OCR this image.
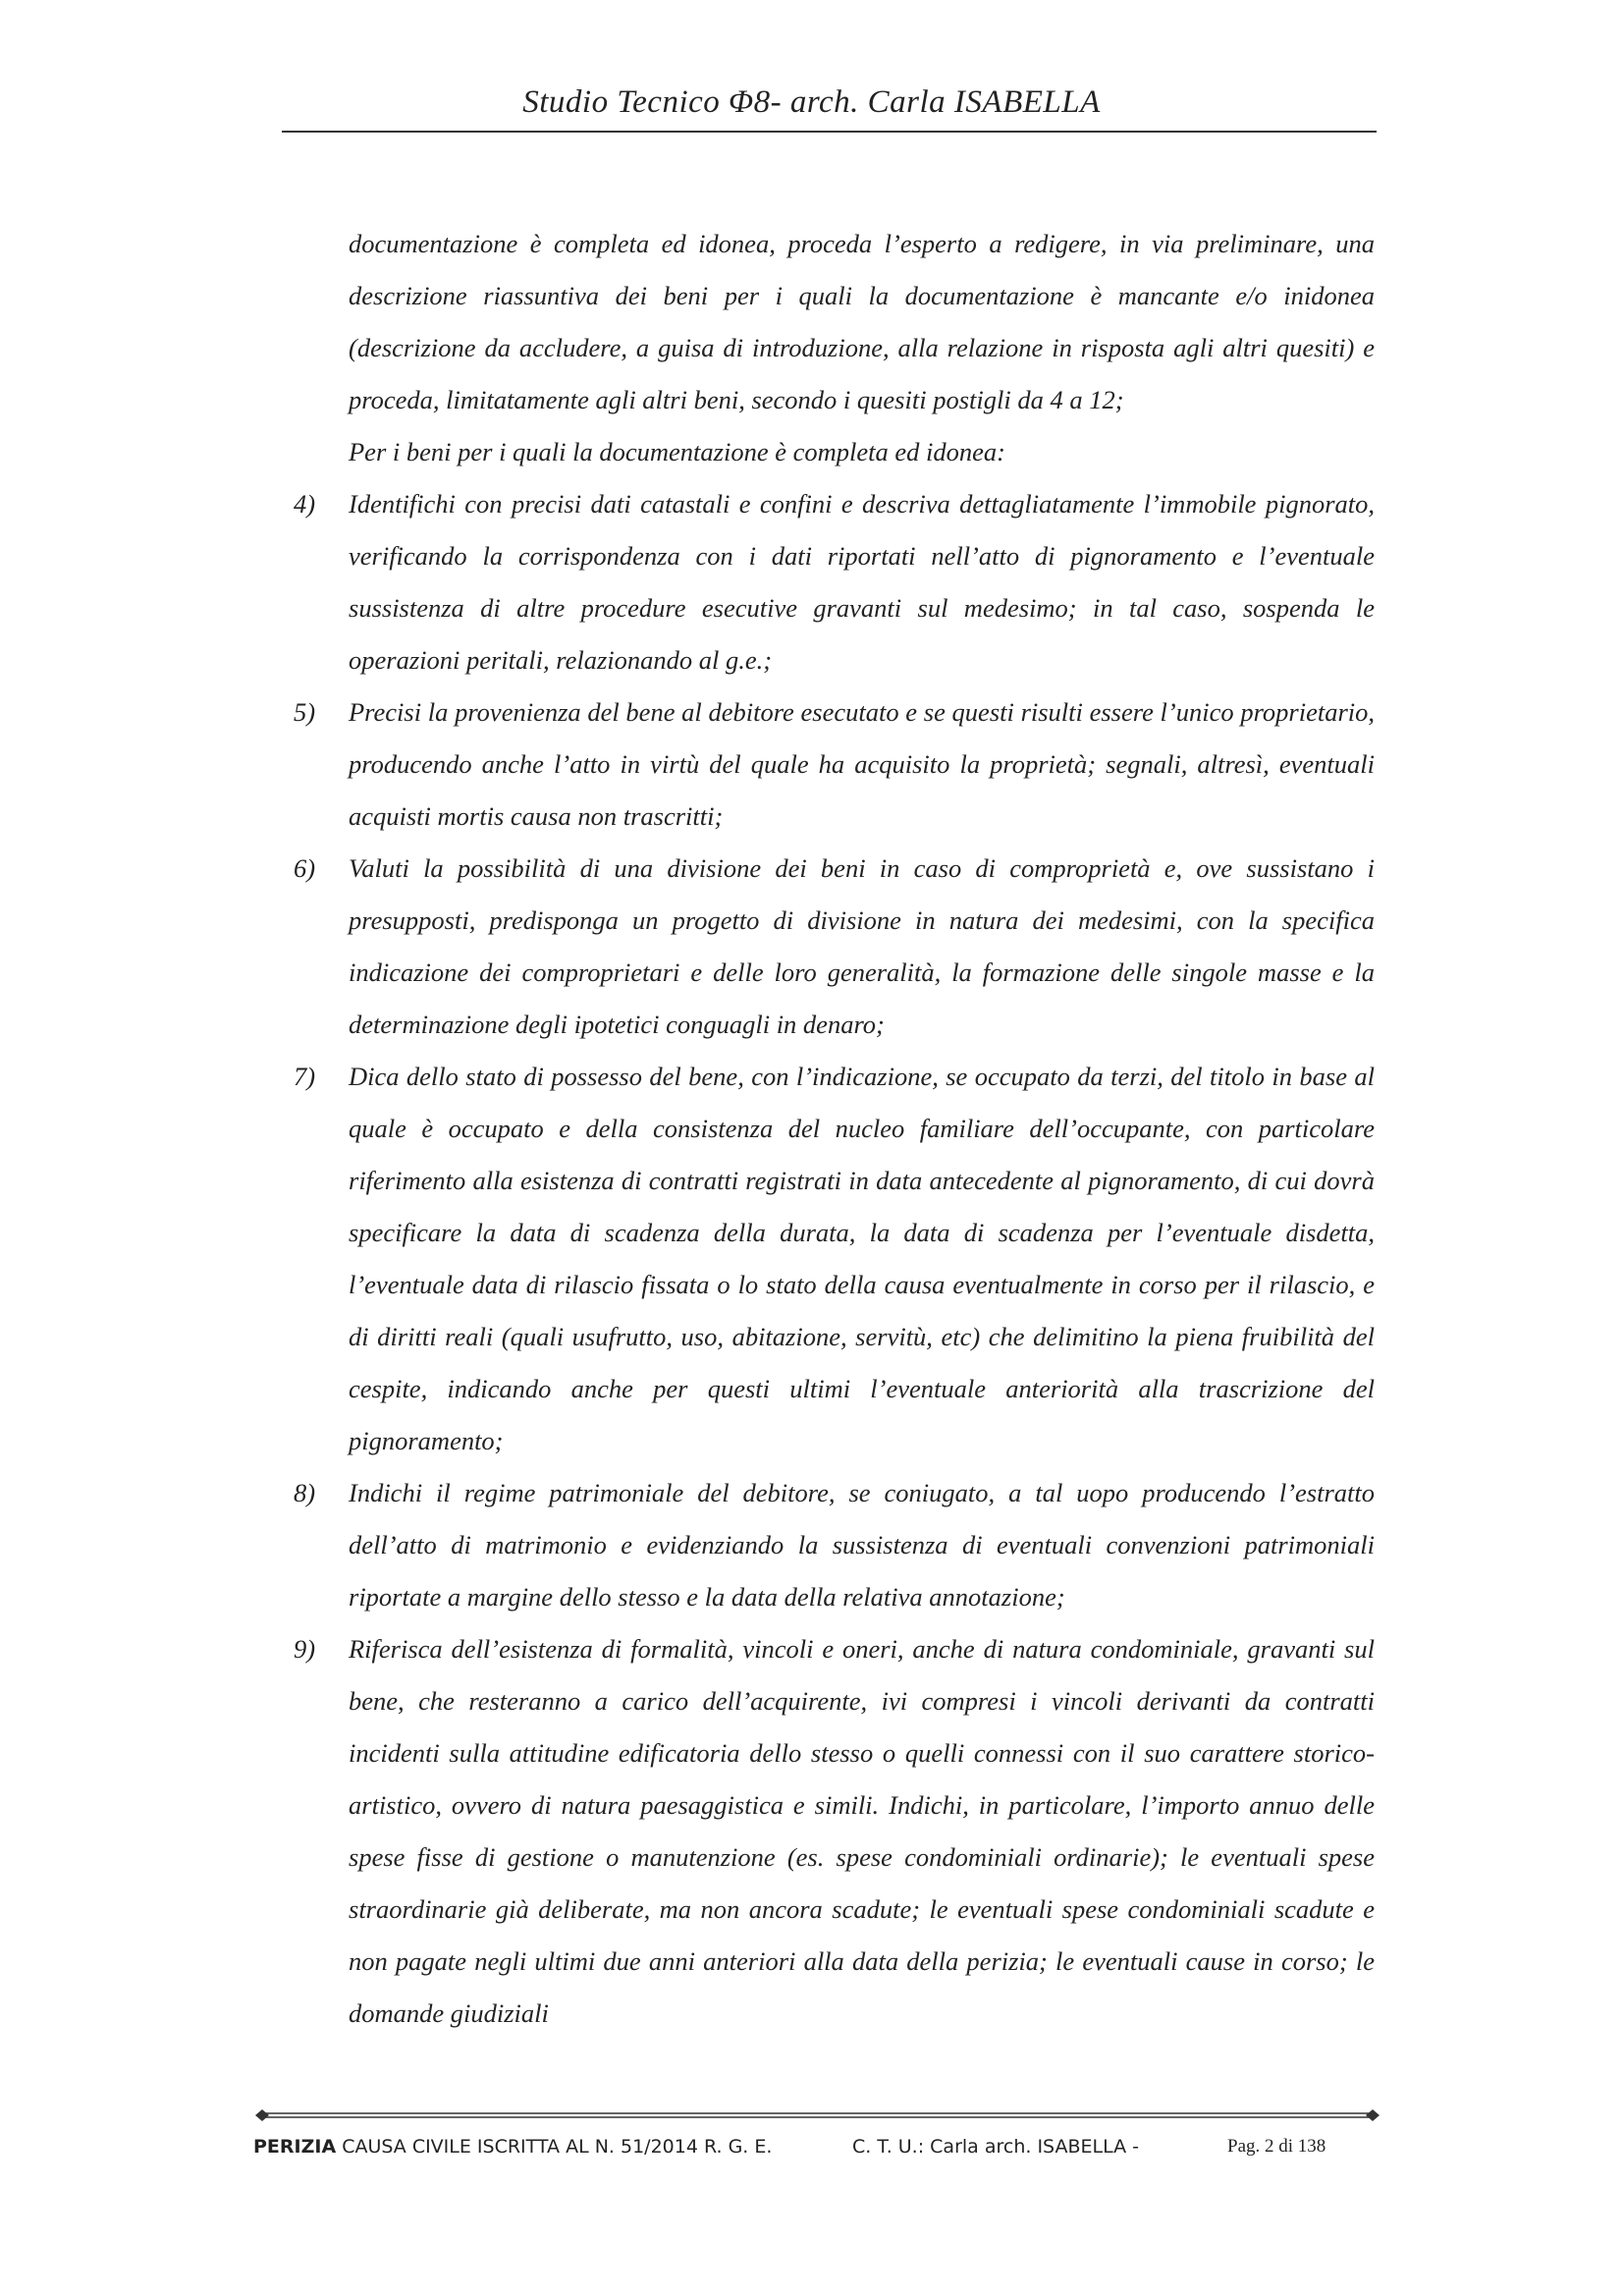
Studio Tecnico Φ8- arch. Carla ISABELLA

documentazione è completa ed idonea, proceda l’esperto a redigere, in via preliminare, una descrizione riassuntiva dei beni per i quali la documentazione è mancante e/o inidonea (descrizione da accludere, a guisa di introduzione, alla relazione in risposta agli altri quesiti) e proceda, limitatamente agli altri beni, secondo i quesiti postigli da 4 a 12;

Per i beni per i quali la documentazione è completa ed idonea:

4) Identifichi con precisi dati catastali e confini e descriva dettagliatamente l’immobile pignorato, verificando la corrispondenza con i dati riportati nell’atto di pignoramento e l’eventuale sussistenza di altre procedure esecutive gravanti sul medesimo; in tal caso, sospenda le operazioni peritali, relazionando al g.e.;

5) Precisi la provenienza del bene al debitore esecutato e se questi risulti essere l’unico proprietario, producendo anche l’atto in virtù del quale ha acquisito la proprietà; segnali, altresì, eventuali acquisti mortis causa non trascritti;

6) Valuti la possibilità di una divisione dei beni in caso di comproprietà e, ove sussistano i presupposti, predisponga un progetto di divisione in natura dei medesimi, con la specifica indicazione dei comproprietari e delle loro generalità, la formazione delle singole masse e la determinazione degli ipotetici conguagli in denaro;

7) Dica dello stato di possesso del bene, con l’indicazione, se occupato da terzi, del titolo in base al quale è occupato e della consistenza del nucleo familiare dell’occupante, con particolare riferimento alla esistenza di contratti registrati in data antecedente al pignoramento, di cui dovrà specificare la data di scadenza della durata, la data di scadenza per l’eventuale disdetta, l’eventuale data di rilascio fissata o lo stato della causa eventualmente in corso per il rilascio, e di diritti reali (quali usufrutto, uso, abitazione, servitù, etc) che delimitino la piena fruibilità del cespite, indicando anche per questi ultimi l’eventuale anteriorità alla trascrizione del pignoramento;

8) Indichi il regime patrimoniale del debitore, se coniugato, a tal uopo producendo l’estratto dell’atto di matrimonio e evidenziando la sussistenza di eventuali convenzioni patrimoniali riportate a margine dello stesso e la data della relativa annotazione;

9) Riferisca dell’esistenza di formalità, vincoli e oneri, anche di natura condominiale, gravanti sul bene, che resteranno a carico dell’acquirente, ivi compresi i vincoli derivanti da contratti incidenti sulla attitudine edificatoria dello stesso o quelli connessi con il suo carattere storico-artistico, ovvero di natura paesaggistica e simili. Indichi, in particolare, l’importo annuo delle spese fisse di gestione o manutenzione (es. spese condominiali ordinarie); le eventuali spese straordinarie già deliberate, ma non ancora scadute; le eventuali spese condominiali scadute e non pagate negli ultimi due anni anteriori alla data della perizia; le eventuali cause in corso; le domande giudiziali

PERIZIA CAUSA CIVILE ISCRITTA AL N. 51/2014 R. G. E.	C. T. U.: Carla arch. ISABELLA -	Pag. 2 di 138
